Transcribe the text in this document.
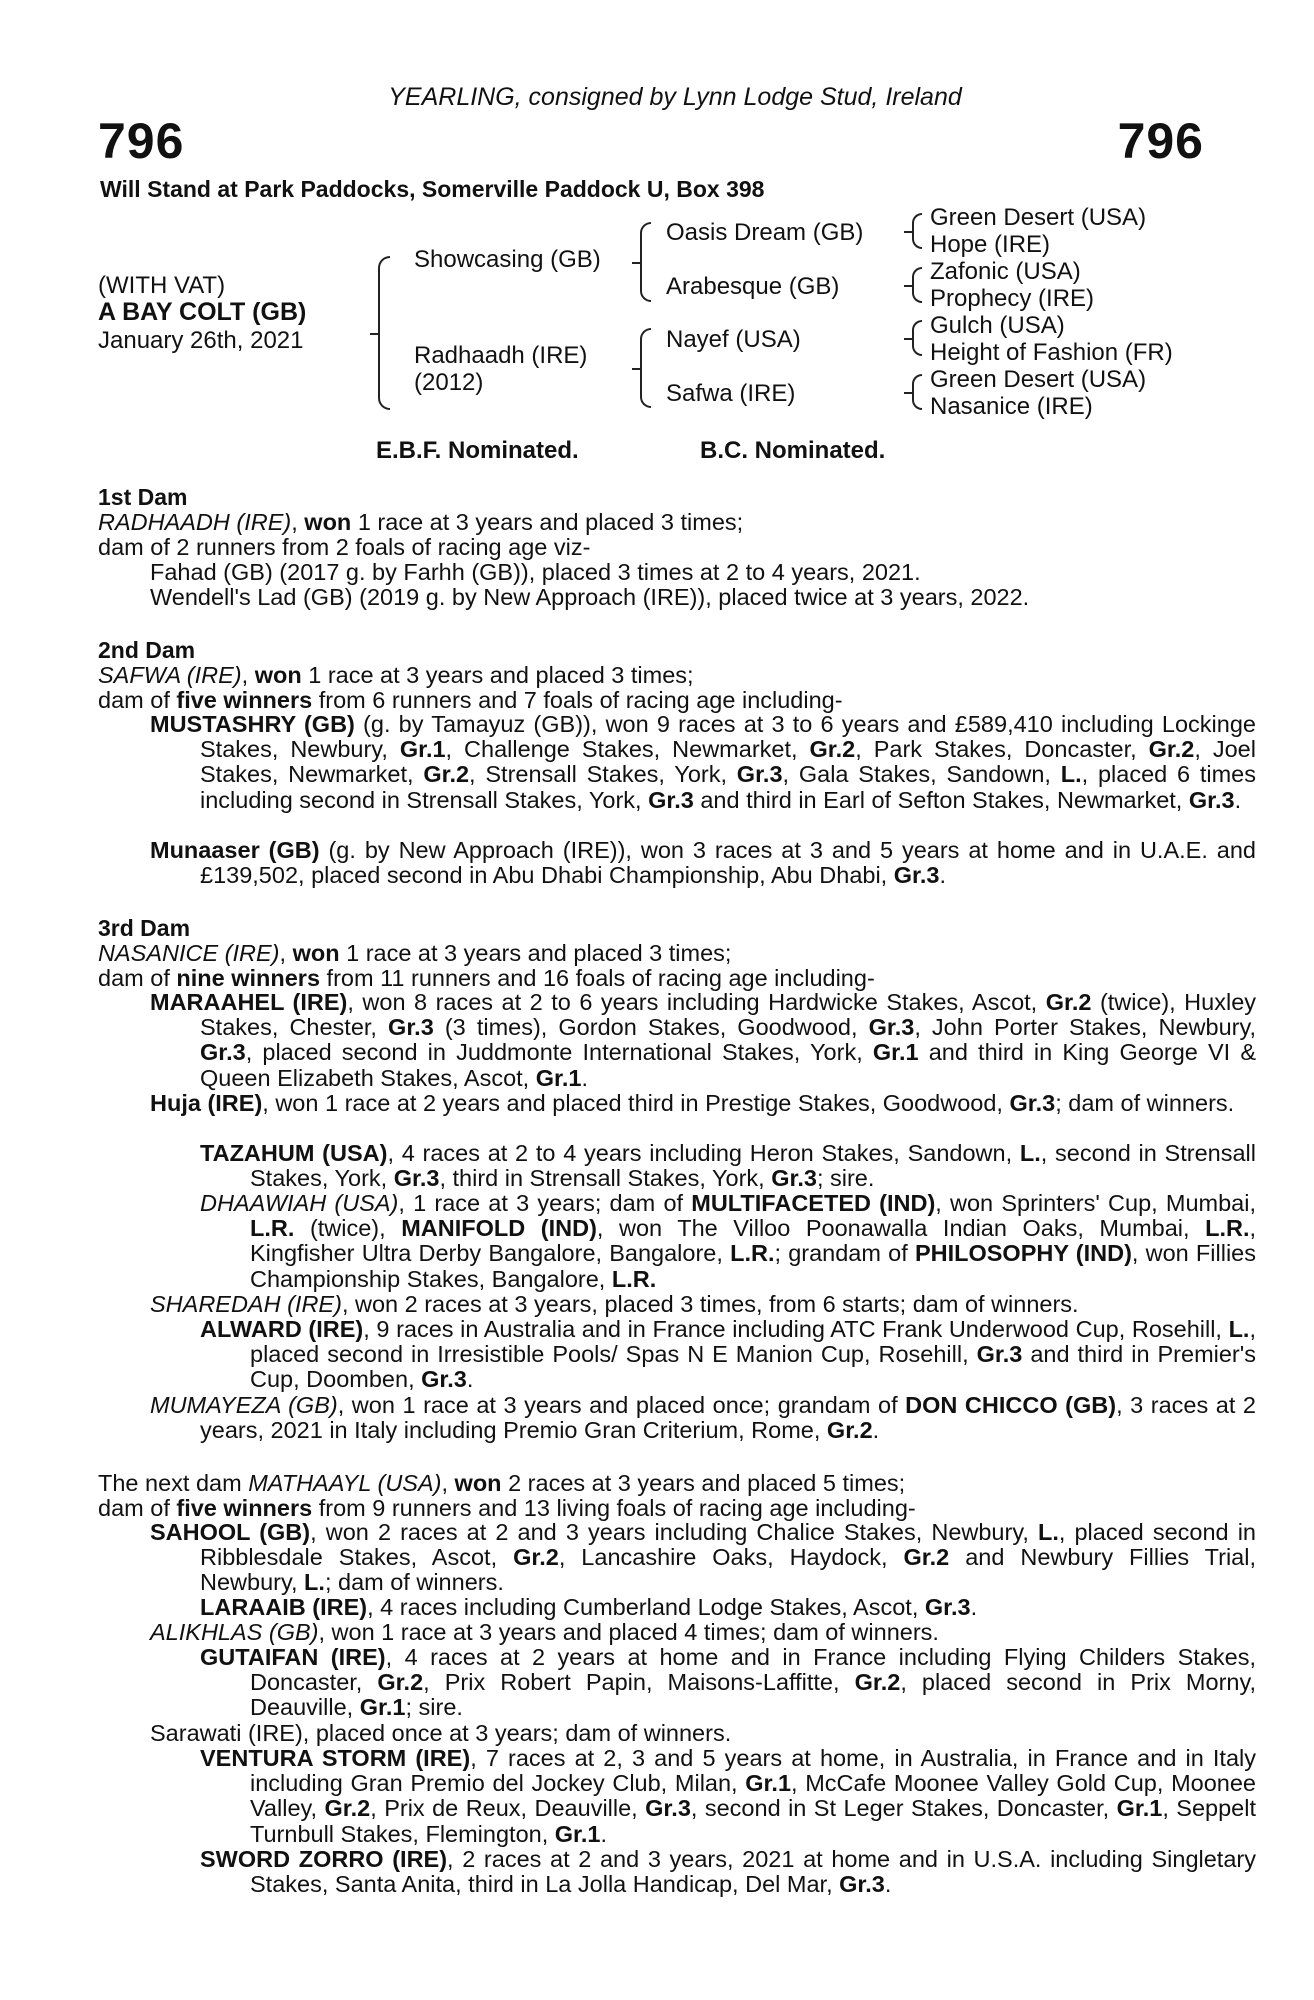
YEARLING, consigned by Lynn Lodge Stud, Ireland
796	796
Will Stand at Park Paddocks, Somerville Paddock U, Box 398
(WITH VAT)
A BAY COLT (GB)
January 26th, 2021
Showcasing (GB)
Radhaadh (IRE)
(2012)
Oasis Dream (GB)
Arabesque (GB)
Nayef (USA)
Safwa (IRE)
Green Desert (USA)
Hope (IRE)
Zafonic (USA)
Prophecy (IRE)
Gulch (USA)
Height of Fashion (FR)
Green Desert (USA)
Nasanice (IRE)
E.B.F. Nominated.	B.C. Nominated.
1st Dam
RADHAADH (IRE), won 1 race at 3 years and placed 3 times;
dam of 2 runners from 2 foals of racing age viz-
Fahad (GB) (2017 g. by Farhh (GB)), placed 3 times at 2 to 4 years, 2021.
Wendell's Lad (GB) (2019 g. by New Approach (IRE)), placed twice at 3 years, 2022.
2nd Dam
SAFWA (IRE), won 1 race at 3 years and placed 3 times;
dam of five winners from 6 runners and 7 foals of racing age including-
MUSTASHRY (GB) (g. by Tamayuz (GB)), won 9 races at 3 to 6 years and £589,410 including Lockinge Stakes, Newbury, Gr.1, Challenge Stakes, Newmarket, Gr.2, Park Stakes, Doncaster, Gr.2, Joel Stakes, Newmarket, Gr.2, Strensall Stakes, York, Gr.3, Gala Stakes, Sandown, L., placed 6 times including second in Strensall Stakes, York, Gr.3 and third in Earl of Sefton Stakes, Newmarket, Gr.3.
Munaaser (GB) (g. by New Approach (IRE)), won 3 races at 3 and 5 years at home and in U.A.E. and £139,502, placed second in Abu Dhabi Championship, Abu Dhabi, Gr.3.
3rd Dam
NASANICE (IRE), won 1 race at 3 years and placed 3 times;
dam of nine winners from 11 runners and 16 foals of racing age including-
MARAAHEL (IRE), won 8 races at 2 to 6 years including Hardwicke Stakes, Ascot, Gr.2 (twice), Huxley Stakes, Chester, Gr.3 (3 times), Gordon Stakes, Goodwood, Gr.3, John Porter Stakes, Newbury, Gr.3, placed second in Juddmonte International Stakes, York, Gr.1 and third in King George VI & Queen Elizabeth Stakes, Ascot, Gr.1.
Huja (IRE), won 1 race at 2 years and placed third in Prestige Stakes, Goodwood, Gr.3; dam of winners.
TAZAHUM (USA), 4 races at 2 to 4 years including Heron Stakes, Sandown, L., second in Strensall Stakes, York, Gr.3, third in Strensall Stakes, York, Gr.3; sire.
DHAAWIAH (USA), 1 race at 3 years; dam of MULTIFACETED (IND), won Sprinters' Cup, Mumbai, L.R. (twice), MANIFOLD (IND), won The Villoo Poonawalla Indian Oaks, Mumbai, L.R., Kingfisher Ultra Derby Bangalore, Bangalore, L.R.; grandam of PHILOSOPHY (IND), won Fillies Championship Stakes, Bangalore, L.R.
SHAREDAH (IRE), won 2 races at 3 years, placed 3 times, from 6 starts; dam of winners.
ALWARD (IRE), 9 races in Australia and in France including ATC Frank Underwood Cup, Rosehill, L., placed second in Irresistible Pools/ Spas N E Manion Cup, Rosehill, Gr.3 and third in Premier's Cup, Doomben, Gr.3.
MUMAYEZA (GB), won 1 race at 3 years and placed once; grandam of DON CHICCO (GB), 3 races at 2 years, 2021 in Italy including Premio Gran Criterium, Rome, Gr.2.
The next dam MATHAAYL (USA), won 2 races at 3 years and placed 5 times;
dam of five winners from 9 runners and 13 living foals of racing age including-
SAHOOL (GB), won 2 races at 2 and 3 years including Chalice Stakes, Newbury, L., placed second in Ribblesdale Stakes, Ascot, Gr.2, Lancashire Oaks, Haydock, Gr.2 and Newbury Fillies Trial, Newbury, L.; dam of winners.
LARAAIB (IRE), 4 races including Cumberland Lodge Stakes, Ascot, Gr.3.
ALIKHLAS (GB), won 1 race at 3 years and placed 4 times; dam of winners.
GUTAIFAN (IRE), 4 races at 2 years at home and in France including Flying Childers Stakes, Doncaster, Gr.2, Prix Robert Papin, Maisons-Laffitte, Gr.2, placed second in Prix Morny, Deauville, Gr.1; sire.
Sarawati (IRE), placed once at 3 years; dam of winners.
VENTURA STORM (IRE), 7 races at 2, 3 and 5 years at home, in Australia, in France and in Italy including Gran Premio del Jockey Club, Milan, Gr.1, McCafe Moonee Valley Gold Cup, Moonee Valley, Gr.2, Prix de Reux, Deauville, Gr.3, second in St Leger Stakes, Doncaster, Gr.1, Seppelt Turnbull Stakes, Flemington, Gr.1.
SWORD ZORRO (IRE), 2 races at 2 and 3 years, 2021 at home and in U.S.A. including Singletary Stakes, Santa Anita, third in La Jolla Handicap, Del Mar, Gr.3.
